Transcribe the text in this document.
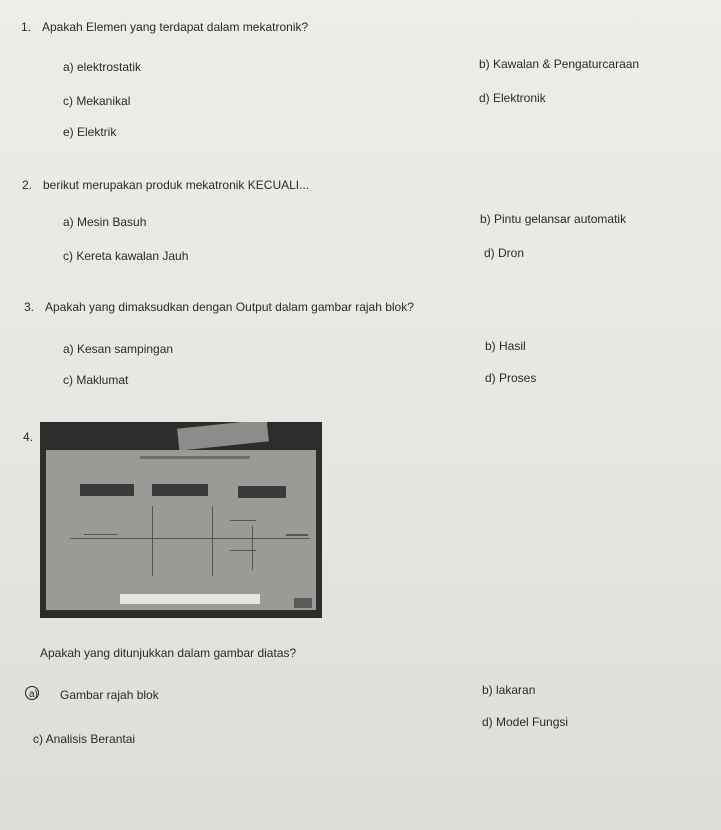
1. Apakah Elemen yang terdapat dalam mekatronik?
a) elektrostatik	b) Kawalan & Pengaturcaraan
c) Mekanikal	d) Elektronik
e) Elektrik
2. berikut merupakan produk mekatronik KECUALI...
a) Mesin Basuh	b) Pintu gelansar automatik
c) Kereta kawalan Jauh	d) Dron
3. Apakah yang dimaksudkan dengan Output dalam gambar rajah blok?
a) Kesan sampingan	b) Hasil
c) Maklumat	d) Proses
4.
Apakah yang ditunjukkan dalam gambar diatas?
a) Gambar rajah blok	b) lakaran
c) Analisis Berantai
d) Model Fungsi
